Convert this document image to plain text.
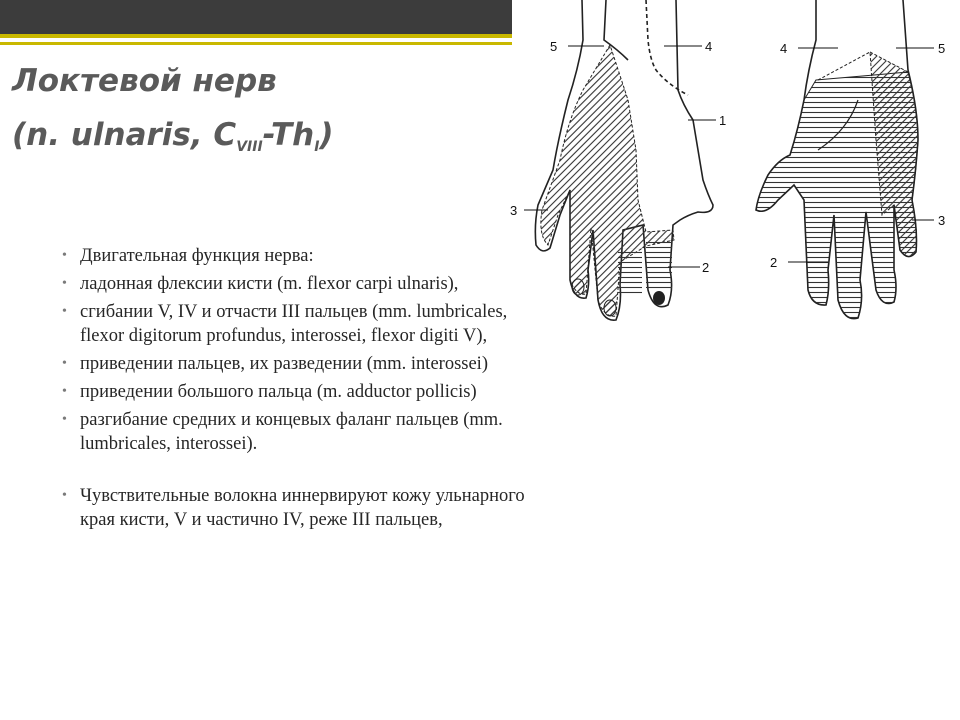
Локтевой нерв
(n. ulnaris, $C_{VIII}-Th_I$)
• Двигательная функция нерва:
• ладонная флексии кисти (m. flexor carpi ulnaris),
• сгибании V, IV и отчасти III пальцев (mm. lumbricales, flexor digitorum profundus, interossei, flexor digiti V),
• приведении пальцев, их разведении (mm. interossei)
• приведении большого пальца (m. adductor pollicis)
• разгибание средних и концевых фаланг пальцев (mm. lumbricales, interossei).
• Чувствительные волокна иннервируют кожу ульнарного края кисти, V и частично IV, реже III пальцев,
5	4
1
3
2
4	5
3
2
